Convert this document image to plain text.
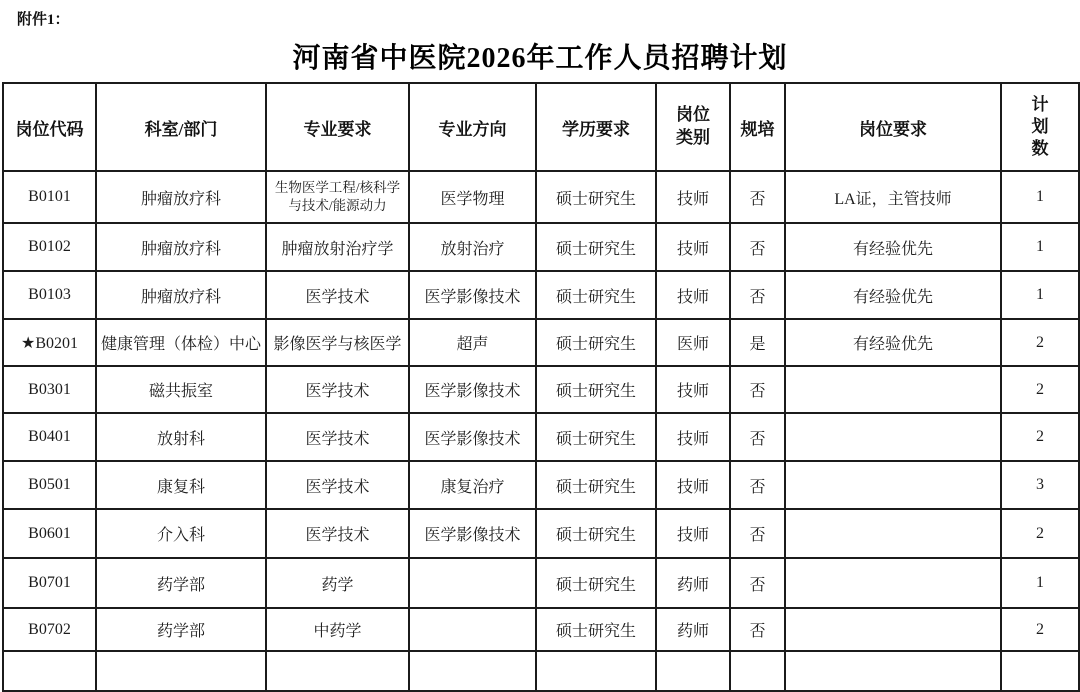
附件1：
河南省中医院2026年工作人员招聘计划
岗位代码	科室/部门	专业要求	专业方向	学历要求	岗位类别	规培	岗位要求	计划数
B0101	肿瘤放疗科	生物医学工程/核科学与技术/能源动力	医学物理	硕士研究生	技师	否	LA证，主管技师	1
B0102	肿瘤放疗科	肿瘤放射治疗学	放射治疗	硕士研究生	技师	否	有经验优先	1
B0103	肿瘤放疗科	医学技术	医学影像技术	硕士研究生	技师	否	有经验优先	1
★B0201	健康管理（体检）中心	影像医学与核医学	超声	硕士研究生	医师	是	有经验优先	2
B0301	磁共振室	医学技术	医学影像技术	硕士研究生	技师	否		2
B0401	放射科	医学技术	医学影像技术	硕士研究生	技师	否		2
B0501	康复科	医学技术	康复治疗	硕士研究生	技师	否		3
B0601	介入科	医学技术	医学影像技术	硕士研究生	技师	否		2
B0701	药学部	药学		硕士研究生	药师	否		1
B0702	药学部	中药学		硕士研究生	药师	否		2
